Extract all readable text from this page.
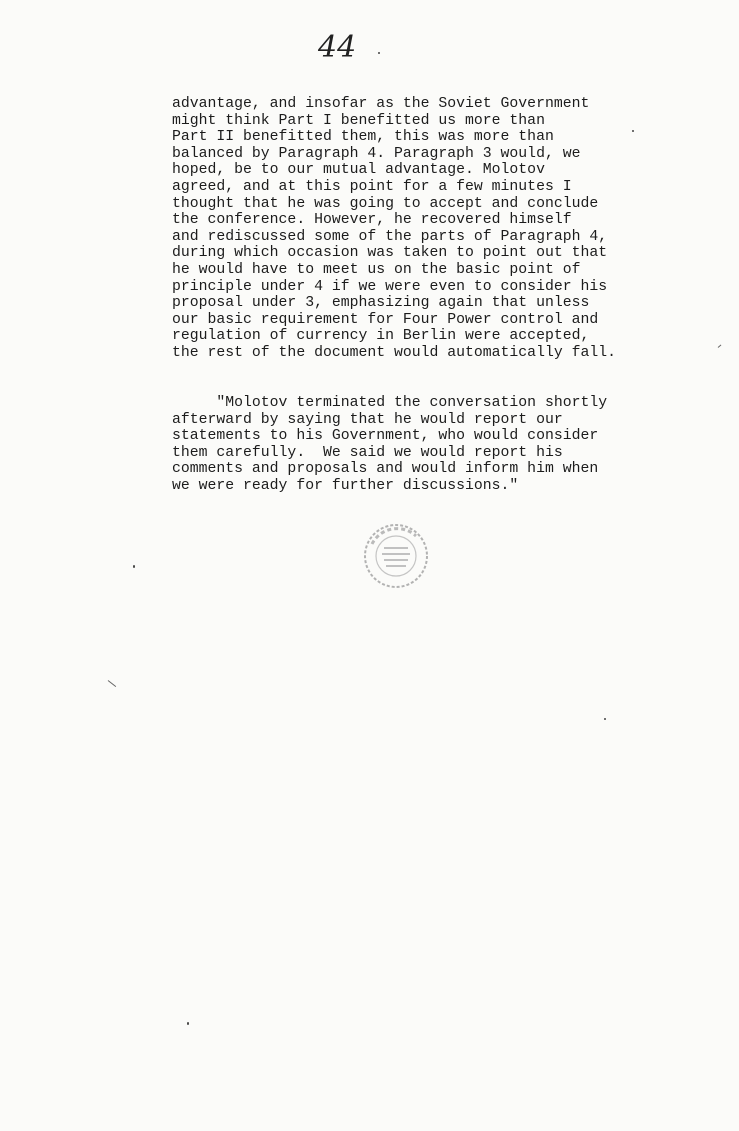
44

advantage, and insofar as the Soviet Government
might think Part I benefitted us more than
Part II benefitted them, this was more than
balanced by Paragraph 4. Paragraph 3 would, we
hoped, be to our mutual advantage. Molotov
agreed, and at this point for a few minutes I
thought that he was going to accept and conclude
the conference. However, he recovered himself
and rediscussed some of the parts of Paragraph 4,
during which occasion was taken to point out that
he would have to meet us on the basic point of
principle under 4 if we were even to consider his
proposal under 3, emphasizing again that unless
our basic requirement for Four Power control and
regulation of currency in Berlin were accepted,
the rest of the document would automatically fall.

"Molotov terminated the conversation shortly
afterward by saying that he would report our
statements to his Government, who would consider
them carefully.  We said we would report his
comments and proposals and would inform him when
we were ready for further discussions."
